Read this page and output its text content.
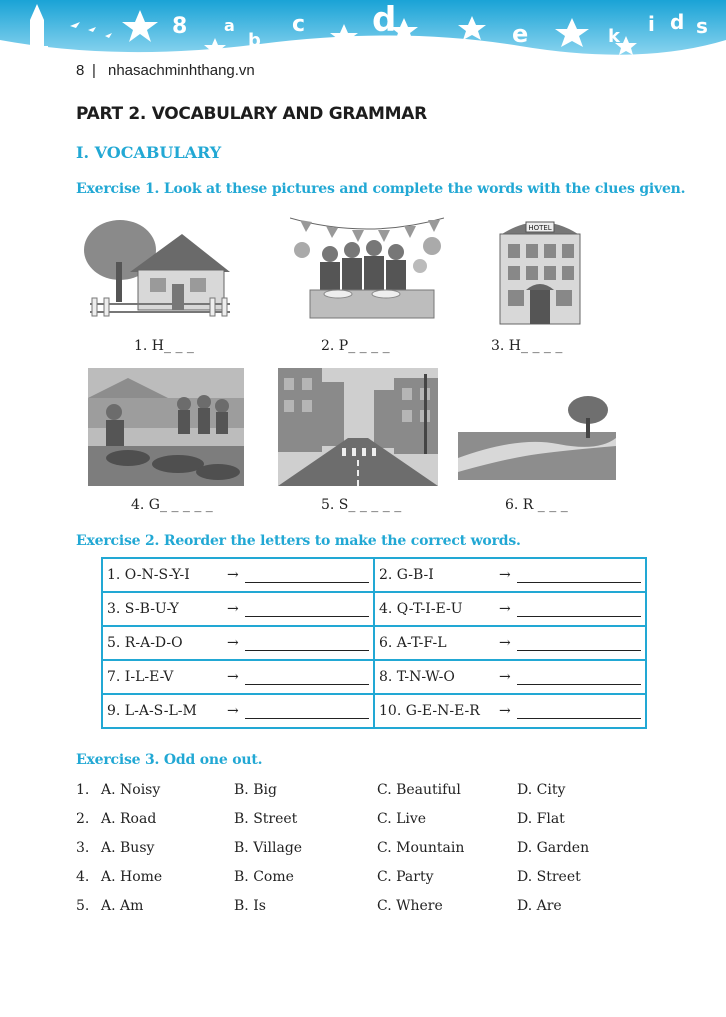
8 a
b
c d	e	k
i d s
8 | nhasachminhthang.vn
PART 2. VOCABULARY AND GRAMMAR
I. VOCABULARY
Exercise 1. Look at these pictures and complete the words with the clues given.
1. H_ _ _	2. P_ _ _ _
HOTEL
3. H_ _ _ _
4. G_ _ _ _ _	5. S_ _ _ _ _	6. R _ _ _
Exercise 2. Reorder the letters to make the correct words.
1. O-N-S-Y-I →	2. G-B-I →

3. S-B-U-Y →	4. Q-T-I-E-U →

5. R-A-D-O →	6. A-T-F-L →

7. I-L-E-V →	8. T-N-W-O →

9. L-A-S-L-M →	10. G-E-N-E-R →
Exercise 3. Odd one out.
1. A. Noisy	B. Big	C. Beautiful	D. City
2. A. Road	B. Street	C. Live	D. Flat
3. A. Busy	B. Village	C. Mountain	D. Garden
4. A. Home	B. Come	C. Party	D. Street
5. A. Am	B. Is	C. Where	D. Are
